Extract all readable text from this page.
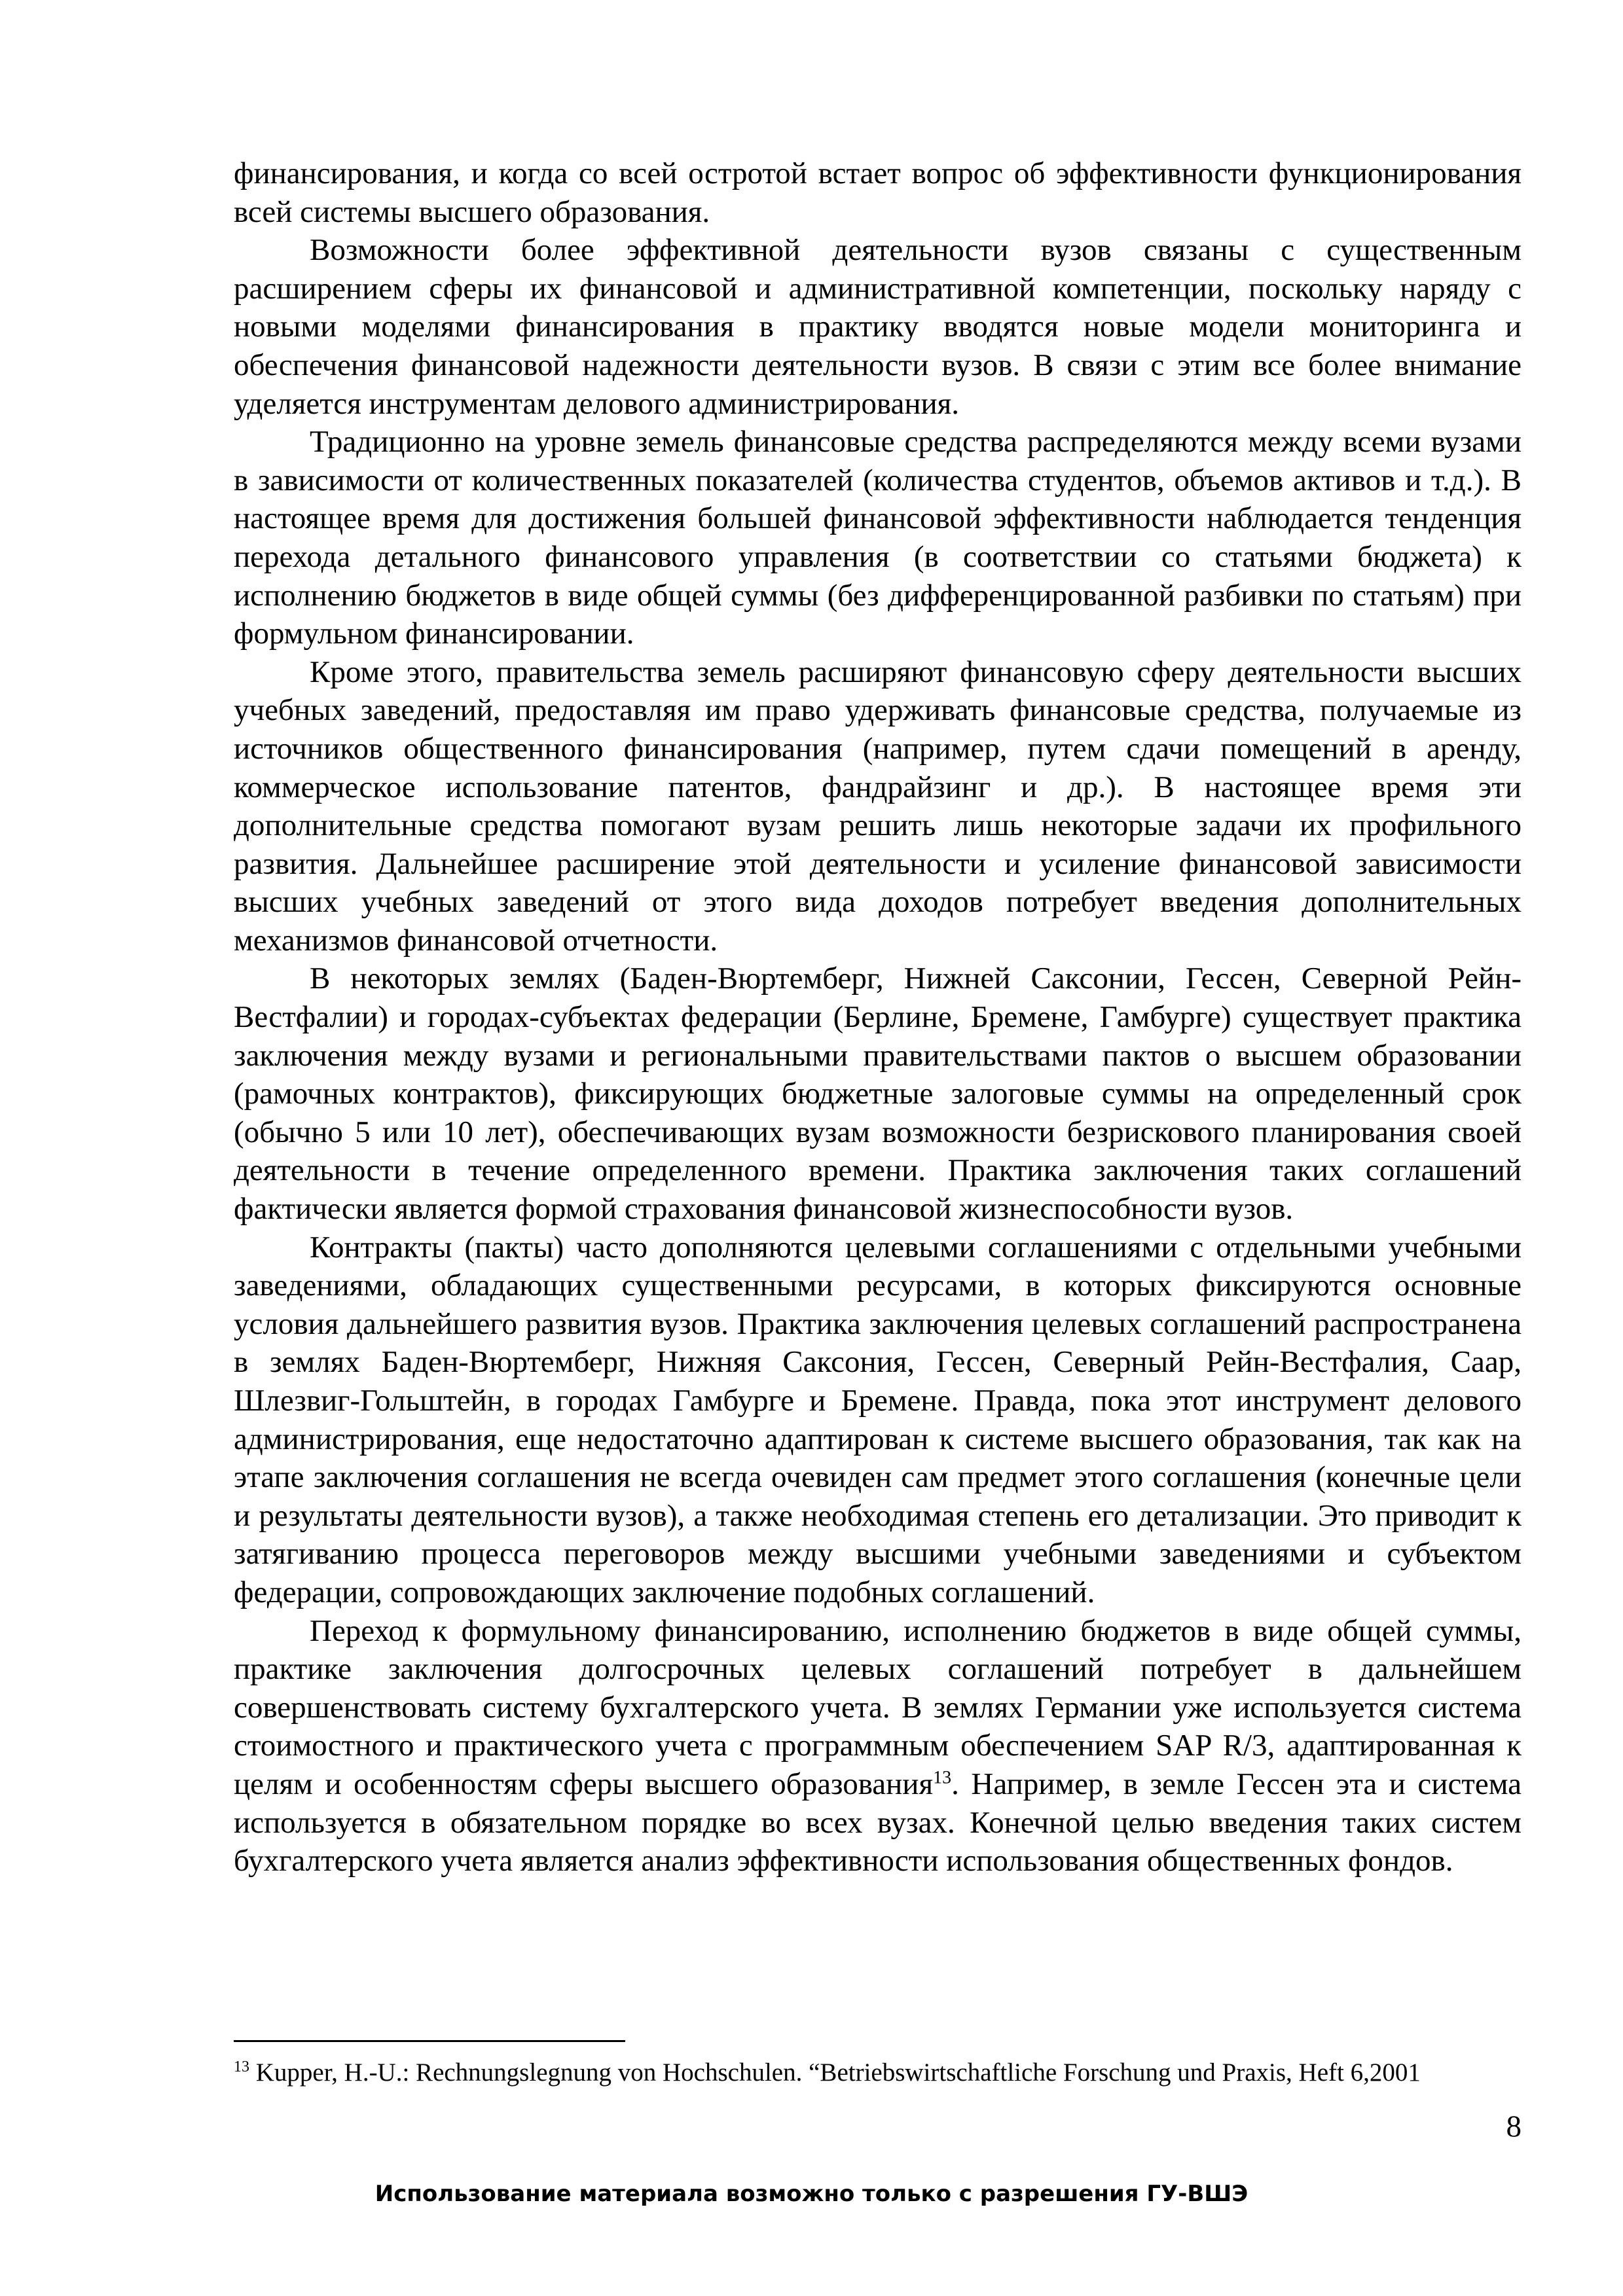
финансирования, и когда со всей остротой встает вопрос об эффективности функционирования всей системы высшего образования.

Возможности более эффективной деятельности вузов связаны с существенным расширением сферы их финансовой и административной компетенции, поскольку наряду с новыми моделями финансирования в практику вводятся новые модели мониторинга и обеспечения финансовой надежности деятельности вузов. В связи с этим все более внимание уделяется инструментам делового администрирования.

Традиционно на уровне земель финансовые средства распределяются между всеми вузами в зависимости от количественных показателей (количества студентов, объемов активов и т.д.). В настоящее время для достижения большей финансовой эффективности наблюдается тенденция перехода детального финансового управления (в соответствии со статьями бюджета) к исполнению бюджетов в виде общей суммы (без дифференцированной разбивки по статьям) при формульном финансировании.

Кроме этого, правительства земель расширяют финансовую сферу деятельности высших учебных заведений, предоставляя им право удерживать финансовые средства, получаемые из источников общественного финансирования (например, путем сдачи помещений в аренду, коммерческое использование патентов, фандрайзинг и др.). В настоящее время эти дополнительные средства помогают вузам решить лишь некоторые задачи их профильного развития. Дальнейшее расширение этой деятельности и усиление финансовой зависимости высших учебных заведений от этого вида доходов потребует введения дополнительных механизмов финансовой отчетности.

В некоторых землях (Баден-Вюртемберг, Нижней Саксонии, Гессен, Северной Рейн-Вестфалии) и городах-субъектах федерации (Берлине, Бремене, Гамбурге) существует практика заключения между вузами и региональными правительствами пактов о высшем образовании (рамочных контрактов), фиксирующих бюджетные залоговые суммы на определенный срок (обычно 5 или 10 лет), обеспечивающих вузам возможности безрискового планирования своей деятельности в течение определенного времени. Практика заключения таких соглашений фактически является формой страхования финансовой жизнеспособности вузов.

Контракты (пакты) часто дополняются целевыми соглашениями с отдельными учебными заведениями, обладающих существенными ресурсами, в которых фиксируются основные условия дальнейшего развития вузов. Практика заключения целевых соглашений распространена в землях Баден-Вюртемберг, Нижняя Саксония, Гессен, Северный Рейн-Вестфалия, Саар, Шлезвиг-Гольштейн, в городах Гамбурге и Бремене. Правда, пока этот инструмент делового администрирования, еще недостаточно адаптирован к системе высшего образования, так как на этапе заключения соглашения не всегда очевиден сам предмет этого соглашения (конечные цели и результаты деятельности вузов), а также необходимая степень его детализации. Это приводит к затягиванию процесса переговоров между высшими учебными заведениями и субъектом федерации, сопровождающих заключение подобных соглашений.

Переход к формульному финансированию, исполнению бюджетов в виде общей суммы, практике заключения долгосрочных целевых соглашений потребует в дальнейшем совершенствовать систему бухгалтерского учета. В землях Германии уже используется система стоимостного и практического учета с программным обеспечением SAP R/3, адаптированная к целям и особенностям сферы высшего образования$^{13}$. Например, в земле Гессен эта и система используется в обязательном порядке во всех вузах. Конечной целью введения таких систем бухгалтерского учета является анализ эффективности использования общественных фондов.

$^{13}$ Kupper, H.-U.: Rechnungslegnung von Hochschulen. “Betriebswirtschaftliche Forschung und Praxis, Heft 6,2001
8
Использование материала возможно только с разрешения ГУ-ВШЭ
